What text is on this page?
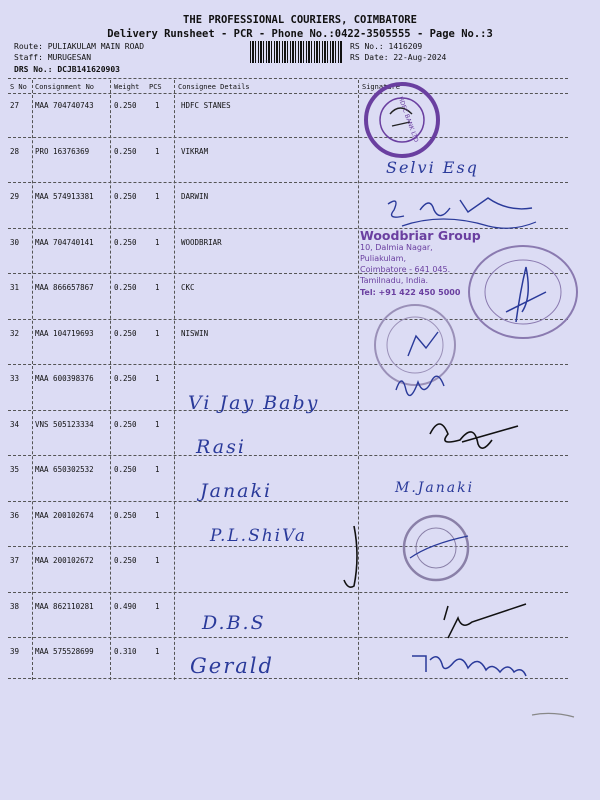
THE PROFESSIONAL COURIERS, COIMBATORE
Delivery Runsheet - PCR - Phone No.:0422-3505555 - Page No.:3
Route: PULIAKULAM MAIN ROAD
Staff: MURUGESAN
DRS No.: DCJB141620903
RS No.: 1416209
RS Date: 22-Aug-2024
S No Consignment No	Weight PCS Consignee Details	Signature
27 MAA 704740743	0.250 1	HDFC STANES
28 PRO 16376369	0.250 1	VIKRAM
29 MAA 574913381	0.250 1	DARWIN
30 MAA 704740141	0.250 1	WOODBRIAR
31 MAA 866657867	0.250 1	CKC
32 MAA 104719693	0.250 1	NISWIN
33 MAA 600398376	0.250 1
34 VNS 505123334	0.250 1
35 MAA 650302532	0.250 1
36 MAA 200102674	0.250 1
37 MAA 200102672	0.250 1
38 MAA 862110281	0.490 1
39 MAA 575528699	0.310 1
Vi Jay Baby
Rasi
Janaki
P.L.ShiVa
D.B.S
Gerald
Selvi Esq
M.Janaki
HDFC BANK LTD
Woodbriar Group
10, Dalmia Nagar,
Puliakulam,
Coimbatore - 641 045.
Tamilnadu, India.
Tel: +91 422 450 5000
